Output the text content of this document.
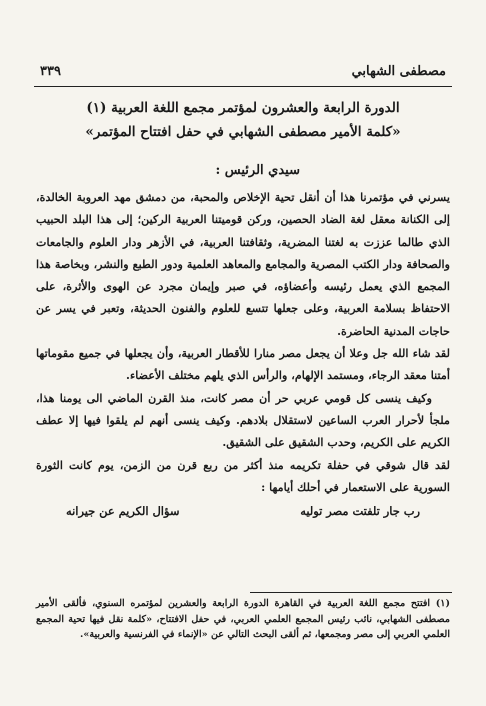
٣٣٩	مصطفى الشهابي

الدورة الرابعة والعشرون لمؤتمر مجمع اللغة العربية (١)

«كلمة الأمير مصطفى الشهابي في حفل افتتاح المؤتمر»

سيدي الرئيس :

يسرني في مؤتمرنا هذا أن أنقل تحية الإخلاص والمحبة، من دمشق مهد العروبة الخالدة، إلى الكنانة معقل لغة الضاد الحصين، وركن قوميتنا العربية الركين؛ إلى هذا البلد الحبيب الذي طالما عززت به لغتنا المضرية، وثقافتنا العربية، في الأزهر ودار العلوم والجامعات والصحافة ودار الكتب المصرية والمجامع والمعاهد العلمية ودور الطبع والنشر، وبخاصة هذا المجمع الذي يعمل رئيسه وأعضاؤه، في صبر وإيمان مجرد عن الهوى والأثرة، على الاحتفاظ بسلامة العربية، وعلى جعلها تتسع للعلوم والفنون الحديثة، وتعبر في يسر عن حاجات المدنية الحاضرة.

لقد شاء الله جل وعلا أن يجعل مصر منارا للأقطار العربية، وأن يجعلها في جميع مقوماتها أمتنا معقد الرجاء، ومستمد الإلهام، والرأس الذي يلهم مختلف الأعضاء.

وكيف ينسى كل قومي عربي حر أن مصر كانت، منذ القرن الماضي الى يومنا هذا، ملجأ لأحرار العرب الساعين لاستقلال بلادهم. وكيف ينسى أنهم لم يلقوا فيها إلا عطف الكريم على الكريم، وحدب الشقيق على الشقيق.

لقد قال شوقي في حفلة تكريمه منذ أكثر من ربع قرن من الزمن، يوم كانت الثورة السورية على الاستعمار في أحلك أيامها :

رب جار تلفتت مصر توليه
سؤال الكريم عن جيرانه
(١) افتتح مجمع اللغة العربية في القاهرة الدورة الرابعة والعشرين لمؤتمره السنوي، فألقى الأمير مصطفى الشهابي، نائب رئيس المجمع العلمي العربي، في حفل الافتتاح، «كلمة نقل فيها تحية المجمع العلمي العربي إلى مصر ومجمعها، ثم ألقى البحث التالي عن «الإنماء في الفرنسية والعربية».
